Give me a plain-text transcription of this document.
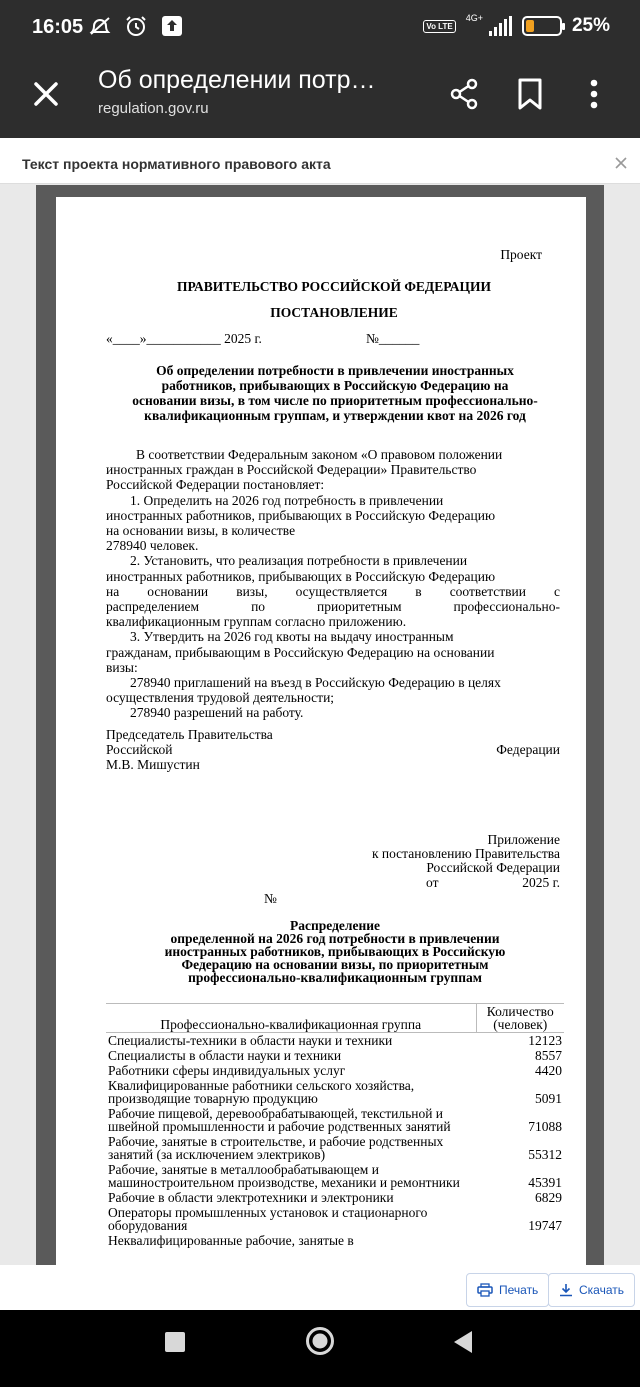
16:05	Vo LTE
4G+	25%
Об определении потр…
regulation.gov.ru
Текст проекта нормативного правового акта
Проект
ПРАВИТЕЛЬСТВО РОССИЙСКОЙ ФЕДЕРАЦИИ
ПОСТАНОВЛЕНИЕ
«____»___________ 2025 г.	№______
Об определении потребности в привлечении иностранных
работников, прибывающих в Российскую Федерацию на
основании визы, в том числе по приоритетным профессионально-
квалификационным группам, и утверждении квот на 2026 год
В соответствии Федеральным законом «О правовом положении
иностранных граждан в Российской Федерации» Правительство
Российской Федерации постановляет:
1. Определить на 2026 год потребность в привлечении
иностранных работников, прибывающих в Российскую Федерацию
на основании визы, в количестве
278940 человек.
2. Установить, что реализация потребности в привлечении
иностранных работников, прибывающих в Российскую Федерацию
на основании визы, осуществляется в соответствии с
распределением по приоритетным профессионально-
квалификационным группам согласно приложению.
3. Утвердить на 2026 год квоты на выдачу иностранным
гражданам, прибывающим в Российскую Федерацию на основании
визы:
278940 приглашений на въезд в Российскую Федерацию в целях
осуществления трудовой деятельности;
278940 разрешений на работу.
Председатель Правительства
Российской	Федерации
М.В. Мишустин
Приложение
к постановлению Правительства
Российской Федерации
от	2025 г.
№
Распределение
определенной на 2026 год потребности в привлечении
иностранных работников, прибывающих в Российскую
Федерацию на основании визы, по приоритетным
профессионально-квалификационным группам
Профессионально-квалификационная группа	Количество
(человек)

Специалисты-техники в области науки и техники	12123
Специалисты в области науки и техники	8557
Работники сферы индивидуальных услуг	4420
Квалифицированные работники сельского хозяйства, производящие товарную продукцию	5091
Рабочие пищевой, деревообрабатывающей, текстильной и швейной промышленности и рабочие родственных занятий	71088
Рабочие, занятые в строительстве, и рабочие родственных занятий (за исключением электриков)	55312
Рабочие, занятые в металлообрабатывающем и машиностроительном производстве, механики и ремонтники	45391
Рабочие в области электротехники и электроники	6829
Операторы промышленных установок и стационарного оборудования	19747
Неквалифицированные рабочие, занятые в	
Печать	Скачать
